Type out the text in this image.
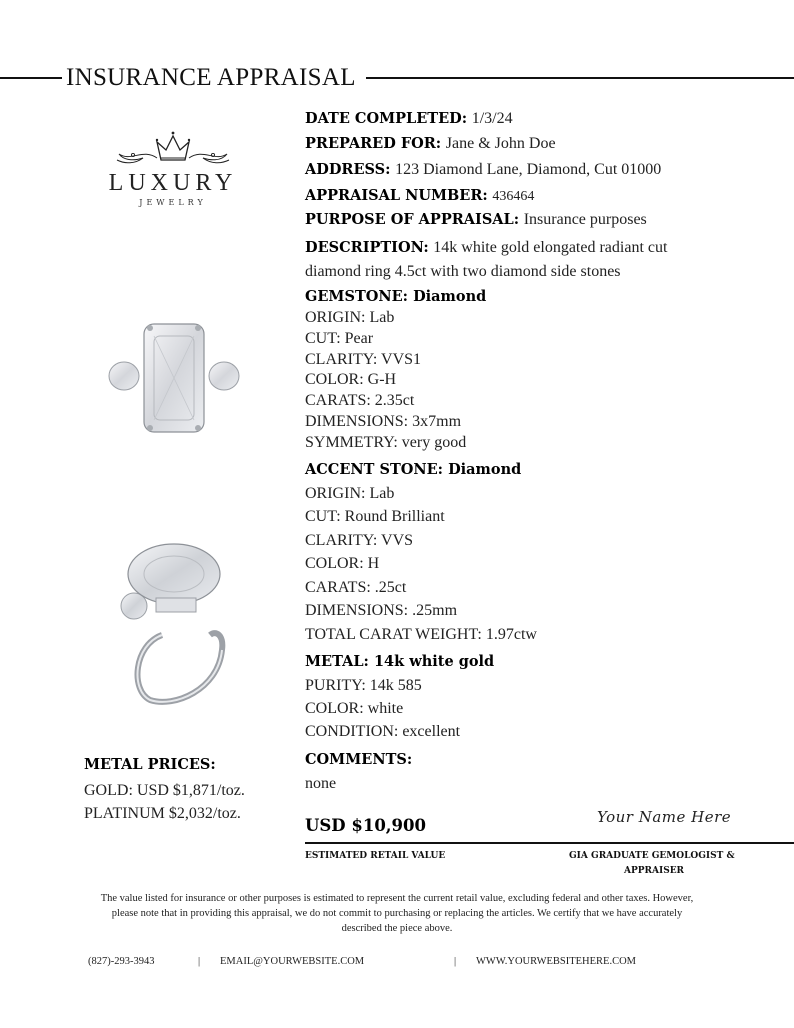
INSURANCE APPRAISAL
LUXURY
JEWELRY
DATE COMPLETED: 1/3/24
PREPARED FOR: Jane & John Doe
ADDRESS: 123 Diamond Lane, Diamond, Cut 01000
APPRAISAL NUMBER: 436464
PURPOSE OF APPRAISAL: Insurance purposes
DESCRIPTION: 14k white gold elongated radiant cut diamond ring 4.5ct with two diamond side stones
GEMSTONE: Diamond
ORIGIN: Lab
CUT: Pear
CLARITY: VVS1
COLOR: G-H
CARATS: 2.35ct
DIMENSIONS: 3x7mm
SYMMETRY: very good
ACCENT STONE: Diamond
ORIGIN: Lab
CUT: Round Brilliant
CLARITY: VVS
COLOR: H
CARATS: .25ct
DIMENSIONS: .25mm
TOTAL CARAT WEIGHT: 1.97ctw
METAL: 14k white gold
PURITY: 14k 585
COLOR: white
CONDITION: excellent
COMMENTS:
none
METAL PRICES:
GOLD: USD $1,871/toz.
PLATINUM $2,032/toz.
USD $10,900	Your Name Here
ESTIMATED RETAIL VALUE	GIA GRADUATE GEMOLOGIST &
APPRAISER
The value listed for insurance or other purposes is estimated to represent the current retail value, excluding federal and other taxes. However, please note that in providing this appraisal, we do not commit to purchasing or replacing the articles. We certify that we have accurately described the piece above.
(827)-293-3943	| EMAIL@YOURWEBSITE.COM	| WWW.YOURWEBSITEHERE.COM
